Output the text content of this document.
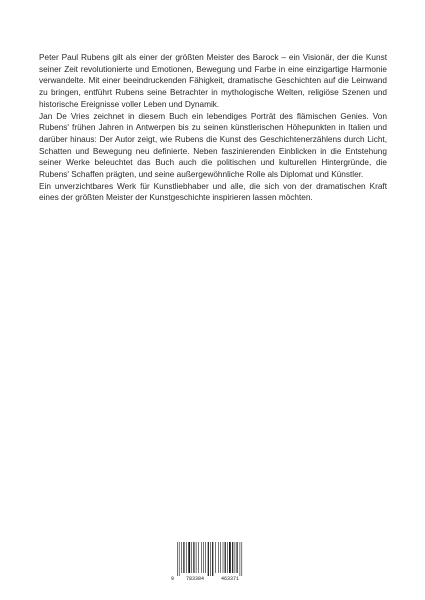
Peter Paul Rubens gilt als einer der größten Meister des Barock – ein Visionär, der die Kunst seiner Zeit revolutionierte und Emotionen, Bewegung und Farbe in eine einzigartige Harmonie verwandelte. Mit einer beeindruckenden Fähigkeit, dramatische Geschichten auf die Leinwand zu bringen, entführt Rubens seine Betrachter in mythologische Welten, religiöse Szenen und historische Ereignisse voller Leben und Dynamik.

Jan De Vries zeichnet in diesem Buch ein lebendiges Porträt des flämischen Genies. Von Rubens' frühen Jahren in Antwerpen bis zu seinen künstlerischen Höhepunkten in Italien und darüber hinaus: Der Autor zeigt, wie Rubens die Kunst des Geschichtenerzählens durch Licht, Schatten und Bewegung neu definierte. Neben faszinierenden Einblicken in die Entstehung seiner Werke beleuchtet das Buch auch die politischen und kulturellen Hintergründe, die Rubens' Schaffen prägten, und seine außergewöhnliche Rolle als Diplomat und Künstler.

Ein unverzichtbares Werk für Kunstliebhaber und alle, die sich von der dramatischen Kraft eines der größten Meister der Kunstgeschichte inspirieren lassen möchten.

9 783384	463371
